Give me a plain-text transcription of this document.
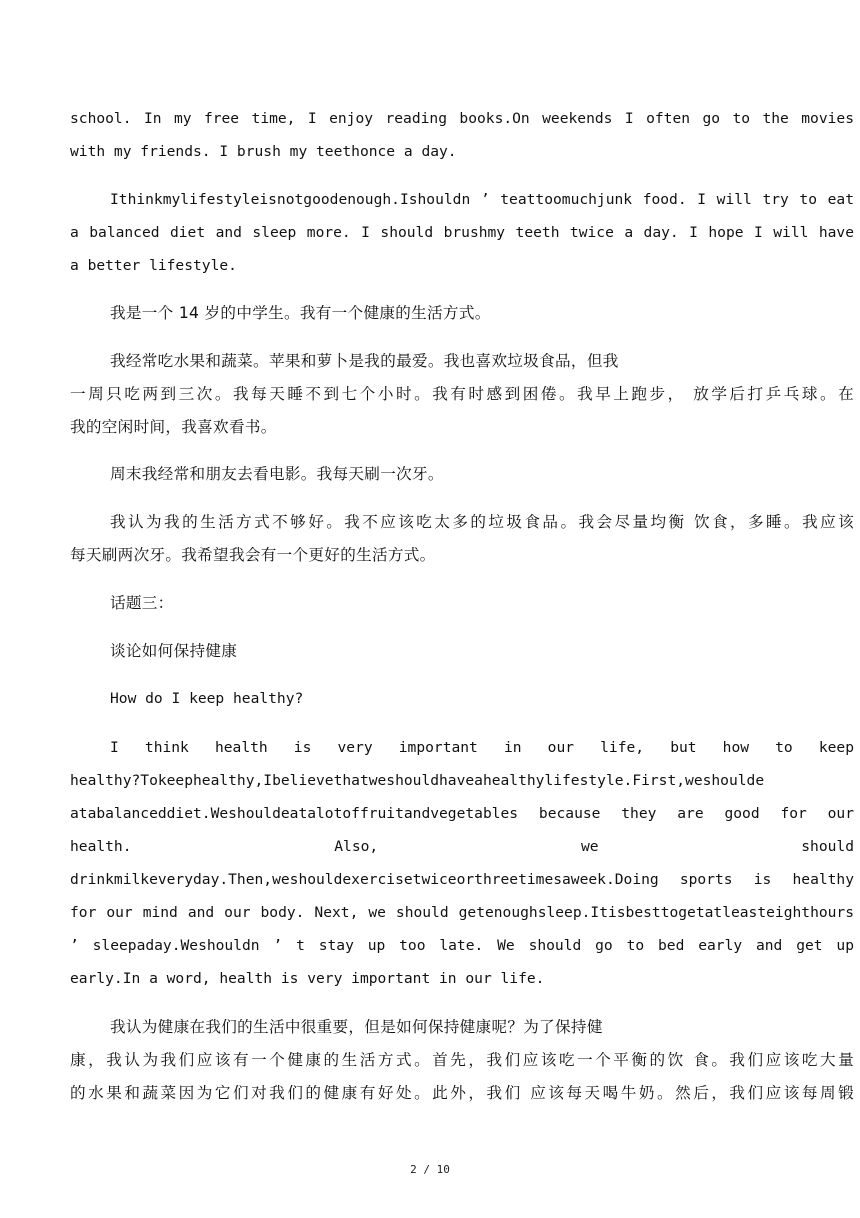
school. In my free time, I enjoy reading books.On weekends I often go to the movies
with my friends. I brush my teethonce a day.
Ithinkmylifestyleisnotgoodenough.Ishouldn ’ teattoomuchjunk food. I will try to eat
a balanced diet and sleep more. I should brushmy teeth twice a day. I hope I will have
a better lifestyle.
我是一个 14 岁的中学生。我有一个健康的生活方式。
我经常吃水果和蔬菜。苹果和萝卜是我的最爱。我也喜欢垃圾食品，但我
一周只吃两到三次。我每天睡不到七个小时。我有时感到困倦。我早上跑步， 放学后打乒乓球。在
我的空闲时间，我喜欢看书。
周末我经常和朋友去看电影。我每天刷一次牙。
我认为我的生活方式不够好。我不应该吃太多的垃圾食品。我会尽量均衡 饮食，多睡。我应该
每天刷两次牙。我希望我会有一个更好的生活方式。
话题三：
谈论如何保持健康
How do I keep healthy?
I think health is very important in our life, but how to keep
healthy?Tokeephealthy,Ibelievethatweshouldhaveahealthylifestyle.First,weshoulde
atabalanceddiet.Weshouldeatalotoffruitandvegetables because they are good for our
health. Also, we should
drinkmilkeveryday.Then,weshouldexercisetwiceorthreetimesaweek.Doing sports is healthy
for our mind and our body. Next, we should getenoughsleep.Itisbesttogetatleasteighthours
’ sleepaday.Weshouldn ’ t stay up too late. We should go to bed early and get up
early.In a word, health is very important in our life.
我认为健康在我们的生活中很重要，但是如何保持健康呢？为了保持健
康，我认为我们应该有一个健康的生活方式。首先，我们应该吃一个平衡的饮 食。我们应该吃大量
的水果和蔬菜因为它们对我们的健康有好处。此外，我们 应该每天喝牛奶。然后，我们应该每周锻
2 / 10
